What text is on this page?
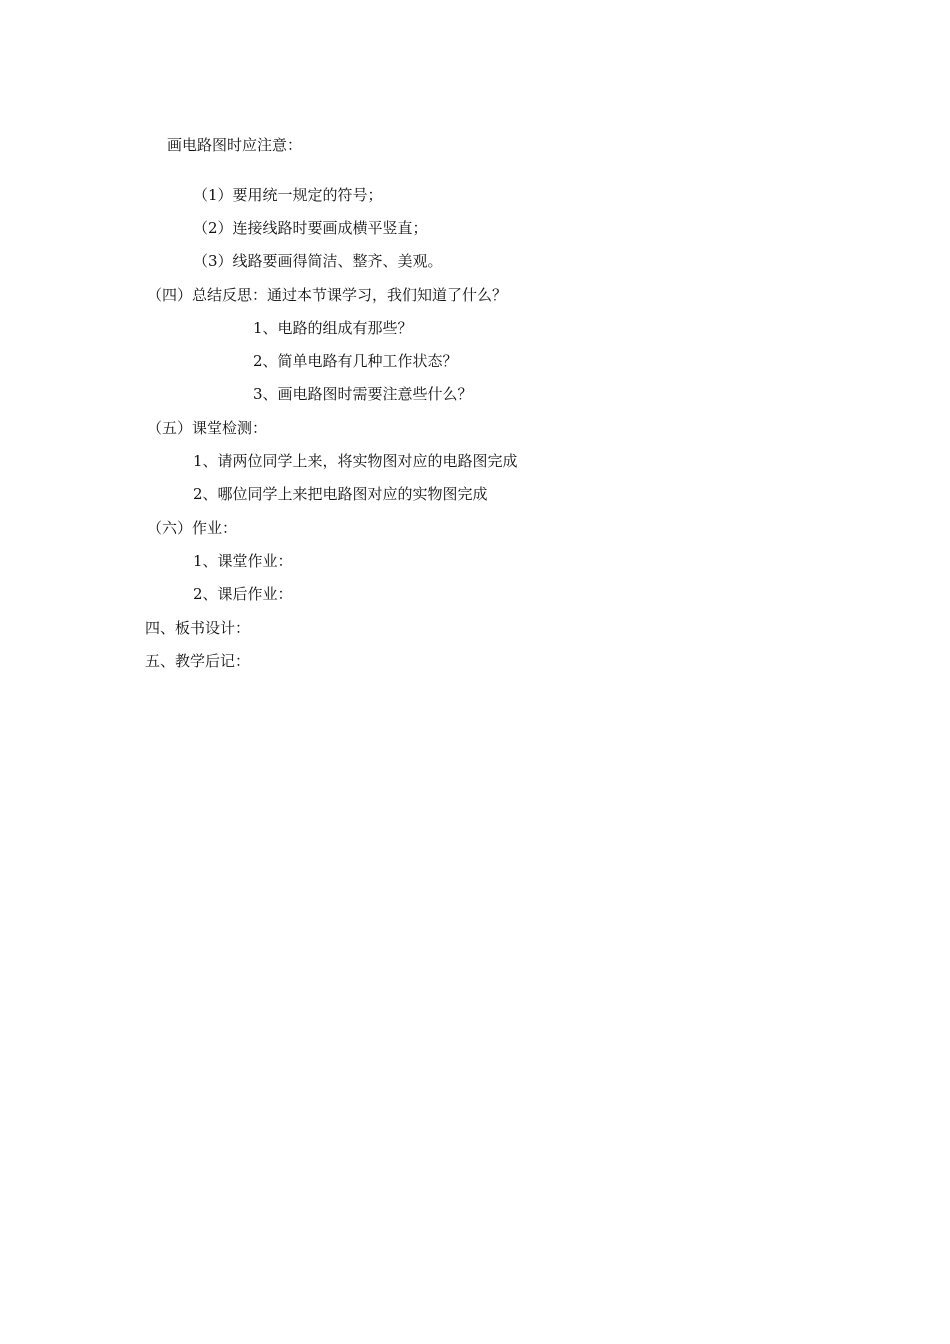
画电路图时应注意：
（1）要用统一规定的符号；
（2）连接线路时要画成横平竖直；
（3）线路要画得简洁、整齐、美观。
（四）总结反思：通过本节课学习，我们知道了什么？
1、电路的组成有那些？
2、简单电路有几种工作状态？
3、画电路图时需要注意些什么？
（五）课堂检测：
1、请两位同学上来，将实物图对应的电路图完成
2、哪位同学上来把电路图对应的实物图完成
（六）作业：
1、课堂作业：
2、课后作业：
四、板书设计：
五、教学后记：
